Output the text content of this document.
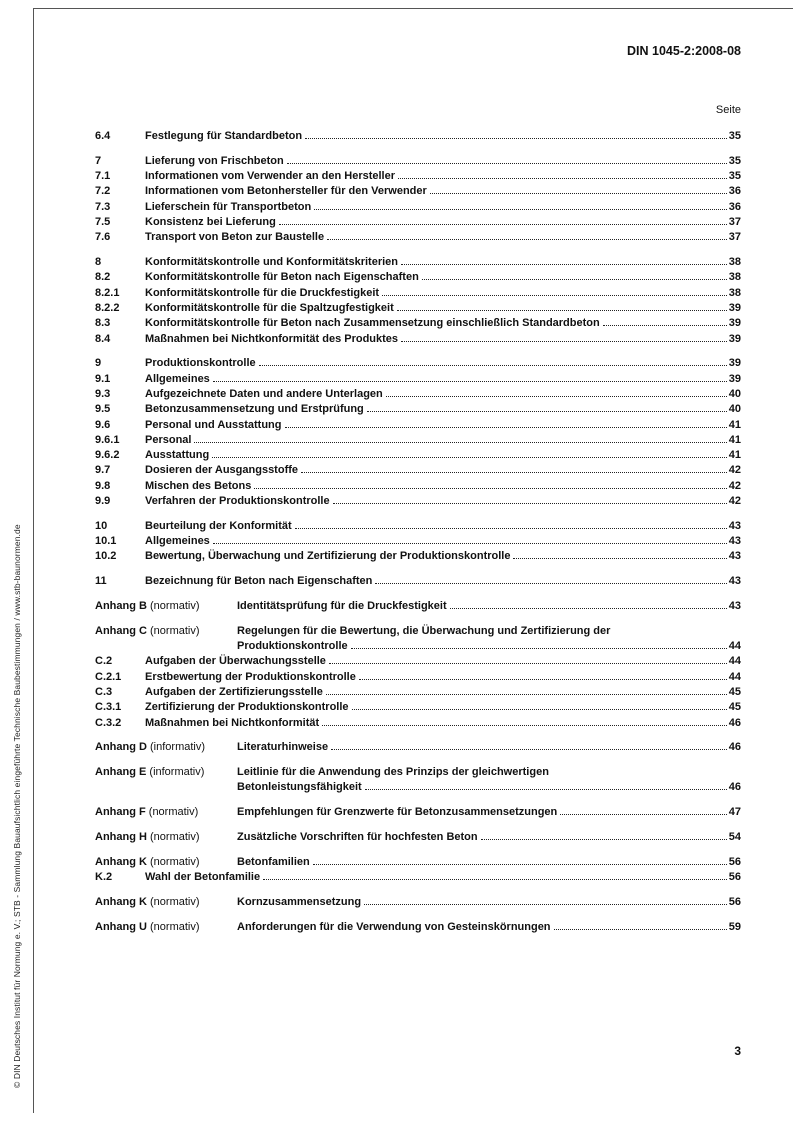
© DIN Deutsches Institut für Normung e. V.; STB - Sammlung Bauaufsichtlich eingeführte Technische Baubestimmungen / www.stb-baunormen.de
DIN 1045-2:2008-08
Seite
6.4	Festlegung für Standardbeton	35
7	Lieferung von Frischbeton	35
7.1	Informationen vom Verwender an den Hersteller	35
7.2	Informationen vom Betonhersteller für den Verwender	36
7.3	Lieferschein für Transportbeton	36
7.5	Konsistenz bei Lieferung	37
7.6	Transport von Beton zur Baustelle	37
8	Konformitätskontrolle und Konformitätskriterien	38
8.2	Konformitätskontrolle für Beton nach Eigenschaften	38
8.2.1	Konformitätskontrolle für die Druckfestigkeit	38
8.2.2	Konformitätskontrolle für die Spaltzugfestigkeit	39
8.3	Konformitätskontrolle für Beton nach Zusammensetzung einschließlich Standardbeton	39
8.4	Maßnahmen bei Nichtkonformität des Produktes	39
9	Produktionskontrolle	39
9.1	Allgemeines	39
9.3	Aufgezeichnete Daten und andere Unterlagen	40
9.5	Betonzusammensetzung und Erstprüfung	40
9.6	Personal und Ausstattung	41
9.6.1	Personal	41
9.6.2	Ausstattung	41
9.7	Dosieren der Ausgangsstoffe	42
9.8	Mischen des Betons	42
9.9	Verfahren der Produktionskontrolle	42
10	Beurteilung der Konformität	43
10.1	Allgemeines	43
10.2	Bewertung, Überwachung und Zertifizierung der Produktionskontrolle	43
11	Bezeichnung für Beton nach Eigenschaften	43
Anhang B (normativ)	Identitätsprüfung für die Druckfestigkeit	43
Anhang C (normativ)	Regelungen für die Bewertung, die Überwachung und Zertifizierung der
Produktionskontrolle	44
C.2	Aufgaben der Überwachungsstelle	44
C.2.1	Erstbewertung der Produktionskontrolle	44
C.3	Aufgaben der Zertifizierungsstelle	45
C.3.1	Zertifizierung der Produktionskontrolle	45
C.3.2	Maßnahmen bei Nichtkonformität	46
Anhang D (informativ)	Literaturhinweise	46
Anhang E (informativ)	Leitlinie für die Anwendung des Prinzips der gleichwertigen
Betonleistungsfähigkeit	46
Anhang F (normativ)	Empfehlungen für Grenzwerte für Betonzusammensetzungen	47
Anhang H (normativ)	Zusätzliche Vorschriften für hochfesten Beton	54
Anhang K (normativ)	Betonfamilien	56
K.2	Wahl der Betonfamilie	56
Anhang K (normativ)	Kornzusammensetzung	56
Anhang U (normativ)	Anforderungen für die Verwendung von Gesteinskörnungen	59
3
